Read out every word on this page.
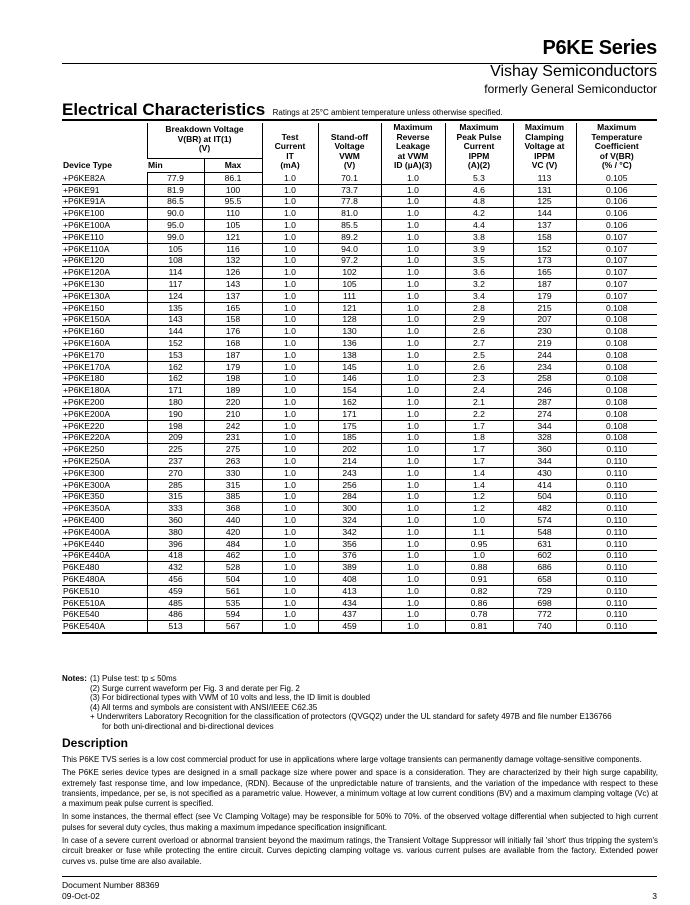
P6KE Series
Vishay Semiconductors
formerly General Semiconductor
Electrical Characteristics Ratings at 25°C ambient temperature unless otherwise specified.
Device Type	Breakdown Voltage
V(BR) at IT(1)
(V)		Test
Current
IT
(mA)	Stand-off
Voltage
VWM
(V)	Maximum
Reverse
Leakage
at VWM
ID (µA)(3)	Maximum
Peak Pulse
Current
IPPM
(A)(2)	Maximum
Clamping
Voltage at
IPPM
VC (V)	Maximum
Temperature
Coefficient
of V(BR)
(% / °C)
	Min	Max						
+P6KE82A	77.9	86.1	1.0	70.1	1.0	5.3	113	0.105
+P6KE91	81.9	100	1.0	73.7	1.0	4.6	131	0.106
+P6KE91A	86.5	95.5	1.0	77.8	1.0	4.8	125	0.106
+P6KE100	90.0	110	1.0	81.0	1.0	4.2	144	0.106
+P6KE100A	95.0	105	1.0	85.5	1.0	4.4	137	0.106
+P6KE110	99.0	121	1.0	89.2	1.0	3.8	158	0.107
+P6KE110A	105	116	1.0	94.0	1.0	3.9	152	0.107
+P6KE120	108	132	1.0	97.2	1.0	3.5	173	0.107
+P6KE120A	114	126	1.0	102	1.0	3.6	165	0.107
+P6KE130	117	143	1.0	105	1.0	3.2	187	0.107
+P6KE130A	124	137	1.0	111	1.0	3.4	179	0.107
+P6KE150	135	165	1.0	121	1.0	2.8	215	0.108
+P6KE150A	143	158	1.0	128	1.0	2.9	207	0.108
+P6KE160	144	176	1.0	130	1.0	2.6	230	0.108
+P6KE160A	152	168	1.0	136	1.0	2.7	219	0.108
+P6KE170	153	187	1.0	138	1.0	2.5	244	0.108
+P6KE170A	162	179	1.0	145	1.0	2.6	234	0.108
+P6KE180	162	198	1.0	146	1.0	2.3	258	0.108
+P6KE180A	171	189	1.0	154	1.0	2.4	246	0.108
+P6KE200	180	220	1.0	162	1.0	2.1	287	0.108
+P6KE200A	190	210	1.0	171	1.0	2.2	274	0.108
+P6KE220	198	242	1.0	175	1.0	1.7	344	0.108
+P6KE220A	209	231	1.0	185	1.0	1.8	328	0.108
+P6KE250	225	275	1.0	202	1.0	1.7	360	0.110
+P6KE250A	237	263	1.0	214	1.0	1.7	344	0.110
+P6KE300	270	330	1.0	243	1.0	1.4	430	0.110
+P6KE300A	285	315	1.0	256	1.0	1.4	414	0.110
+P6KE350	315	385	1.0	284	1.0	1.2	504	0.110
+P6KE350A	333	368	1.0	300	1.0	1.2	482	0.110
+P6KE400	360	440	1.0	324	1.0	1.0	574	0.110
+P6KE400A	380	420	1.0	342	1.0	1.1	548	0.110
+P6KE440	396	484	1.0	356	1.0	0.95	631	0.110
+P6KE440A	418	462	1.0	376	1.0	1.0	602	0.110
P6KE480	432	528	1.0	389	1.0	0.88	686	0.110
P6KE480A	456	504	1.0	408	1.0	0.91	658	0.110
P6KE510	459	561	1.0	413	1.0	0.82	729	0.110
P6KE510A	485	535	1.0	434	1.0	0.86	698	0.110
P6KE540	486	594	1.0	437	1.0	0.78	772	0.110
P6KE540A	513	567	1.0	459	1.0	0.81	740	0.110
Notes: (1) Pulse test: tp ≤ 50ms
(2) Surge current waveform per Fig. 3 and derate per Fig. 2
(3) For bidirectional types with VWM of 10 volts and less, the ID limit is doubled
(4) All terms and symbols are consistent with ANSI/IEEE C62.35
+ Underwriters Laboratory Recognition for the classification of protectors (QVGQ2) under the UL standard for safety 497B and file number E136766
for both uni-directional and bi-directional devices
Description

This P6KE TVS series is a low cost commercial product for use in applications where large voltage transients can permanently damage voltage-sensitive components.

The P6KE series device types are designed in a small package size where power and space is a consideration. They are characterized by their high surge capability, extremely fast response time, and low impedance, (RDN). Because of the unpredictable nature of transients, and the variation of the impedance with respect to these transients, impedance, per se, is not specified as a parametric value. However, a minimum voltage at low current conditions (BV) and a maximum clamping voltage (Vc) at a maximum peak pulse current is specified.

In some instances, the thermal effect (see Vc Clamping Voltage) may be responsible for 50% to 70%. of the observed voltage differential when subjected to high current pulses for several duty cycles, thus making a maximum impedance specification insignificant.

In case of a severe current overload or abnormal transient beyond the maximum ratings, the Transient Voltage Suppressor will initially fail 'short' thus tripping the system's circuit breaker or fuse while protecting the entire circuit. Curves depicting clamping voltage vs. various current pulses are available from the factory. Extended power curves vs. pulse time are also available.

Document Number 88369
09-Oct-02	3
